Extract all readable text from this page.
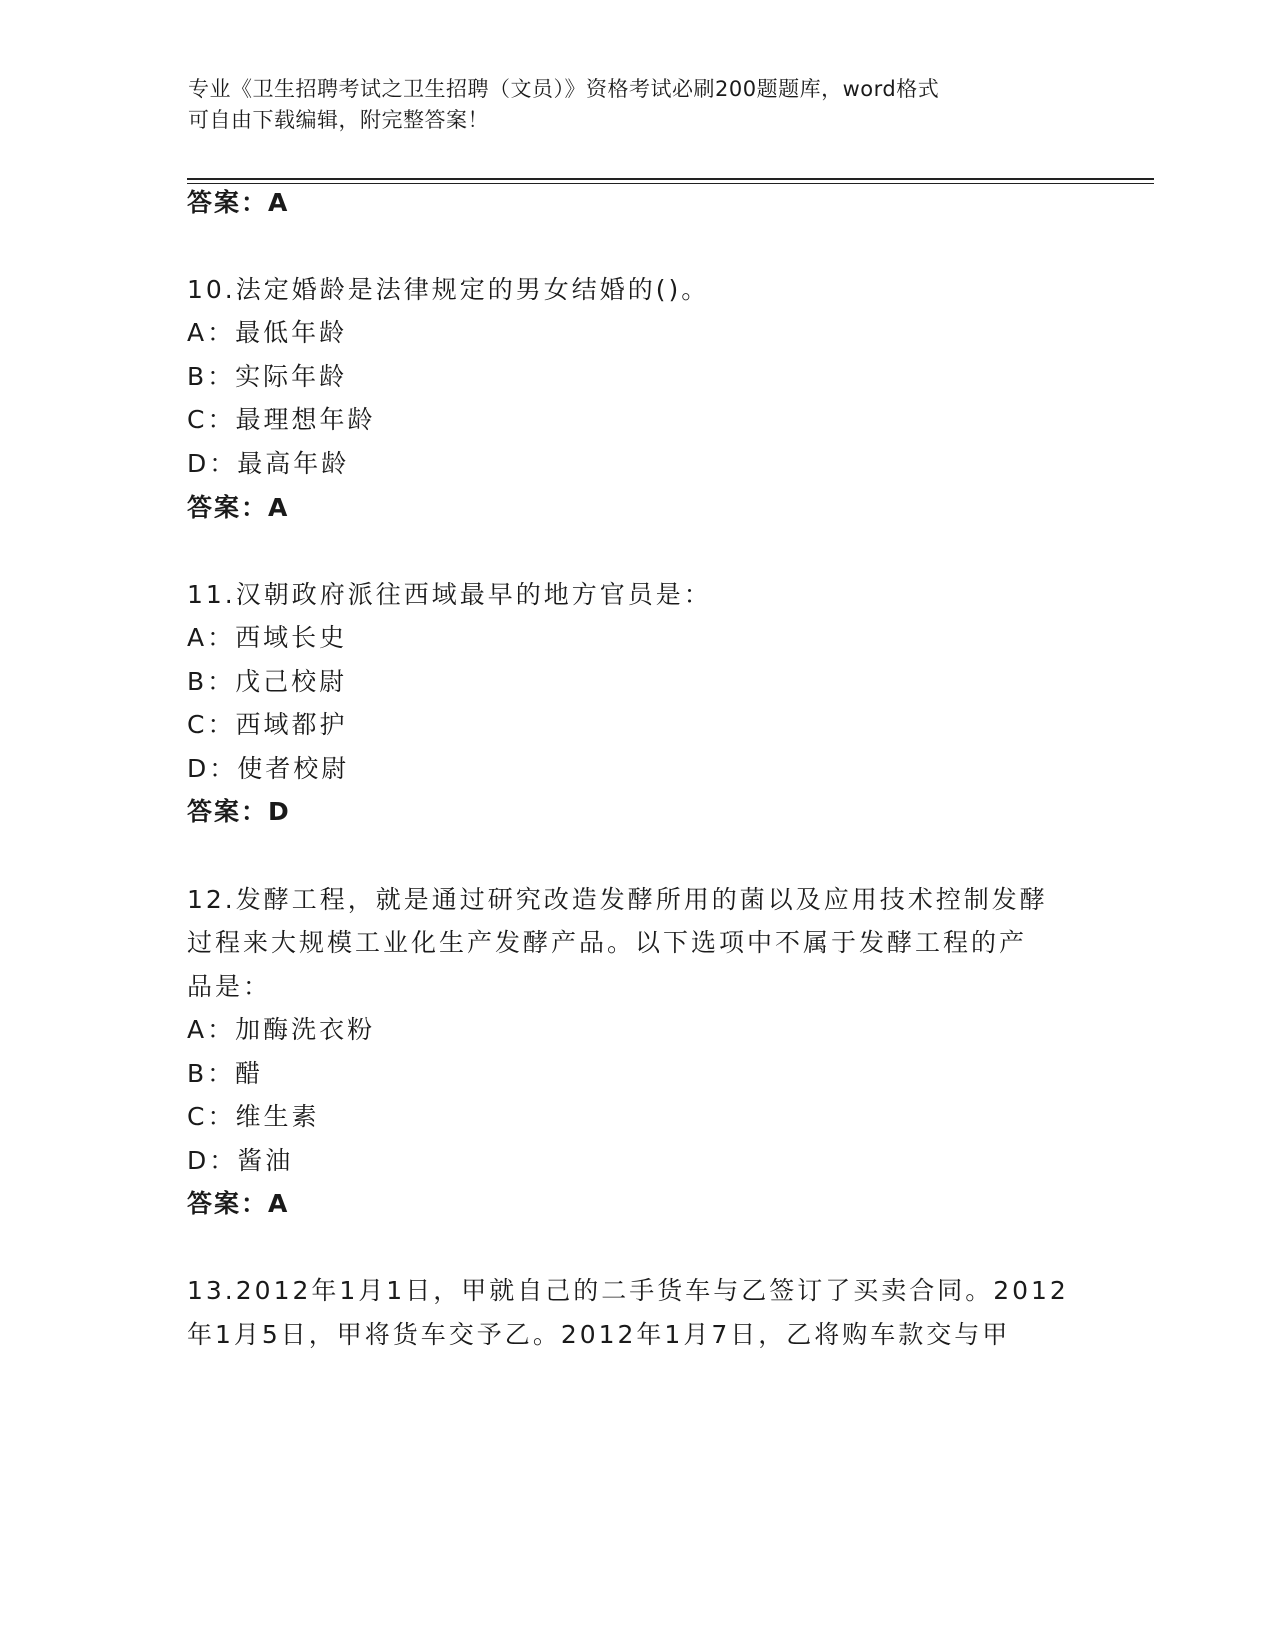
专业《卫生招聘考试之卫生招聘（文员）》资格考试必刷200题题库，word格式
可自由下载编辑，附完整答案！
答案：A
10.法定婚龄是法律规定的男女结婚的()。
A：最低年龄
B：实际年龄
C：最理想年龄
D：最高年龄
答案：A
11.汉朝政府派往西域最早的地方官员是：
A：西域长史
B：戊己校尉
C：西域都护
D：使者校尉
答案：D
12.发酵工程，就是通过研究改造发酵所用的菌以及应用技术控制发酵
过程来大规模工业化生产发酵产品。以下选项中不属于发酵工程的产
品是：
A：加酶洗衣粉
B：醋
C：维生素
D：酱油
答案：A
13.2012年1月1日，甲就自己的二手货车与乙签订了买卖合同。2012
年1月5日，甲将货车交予乙。2012年1月7日，乙将购车款交与甲
